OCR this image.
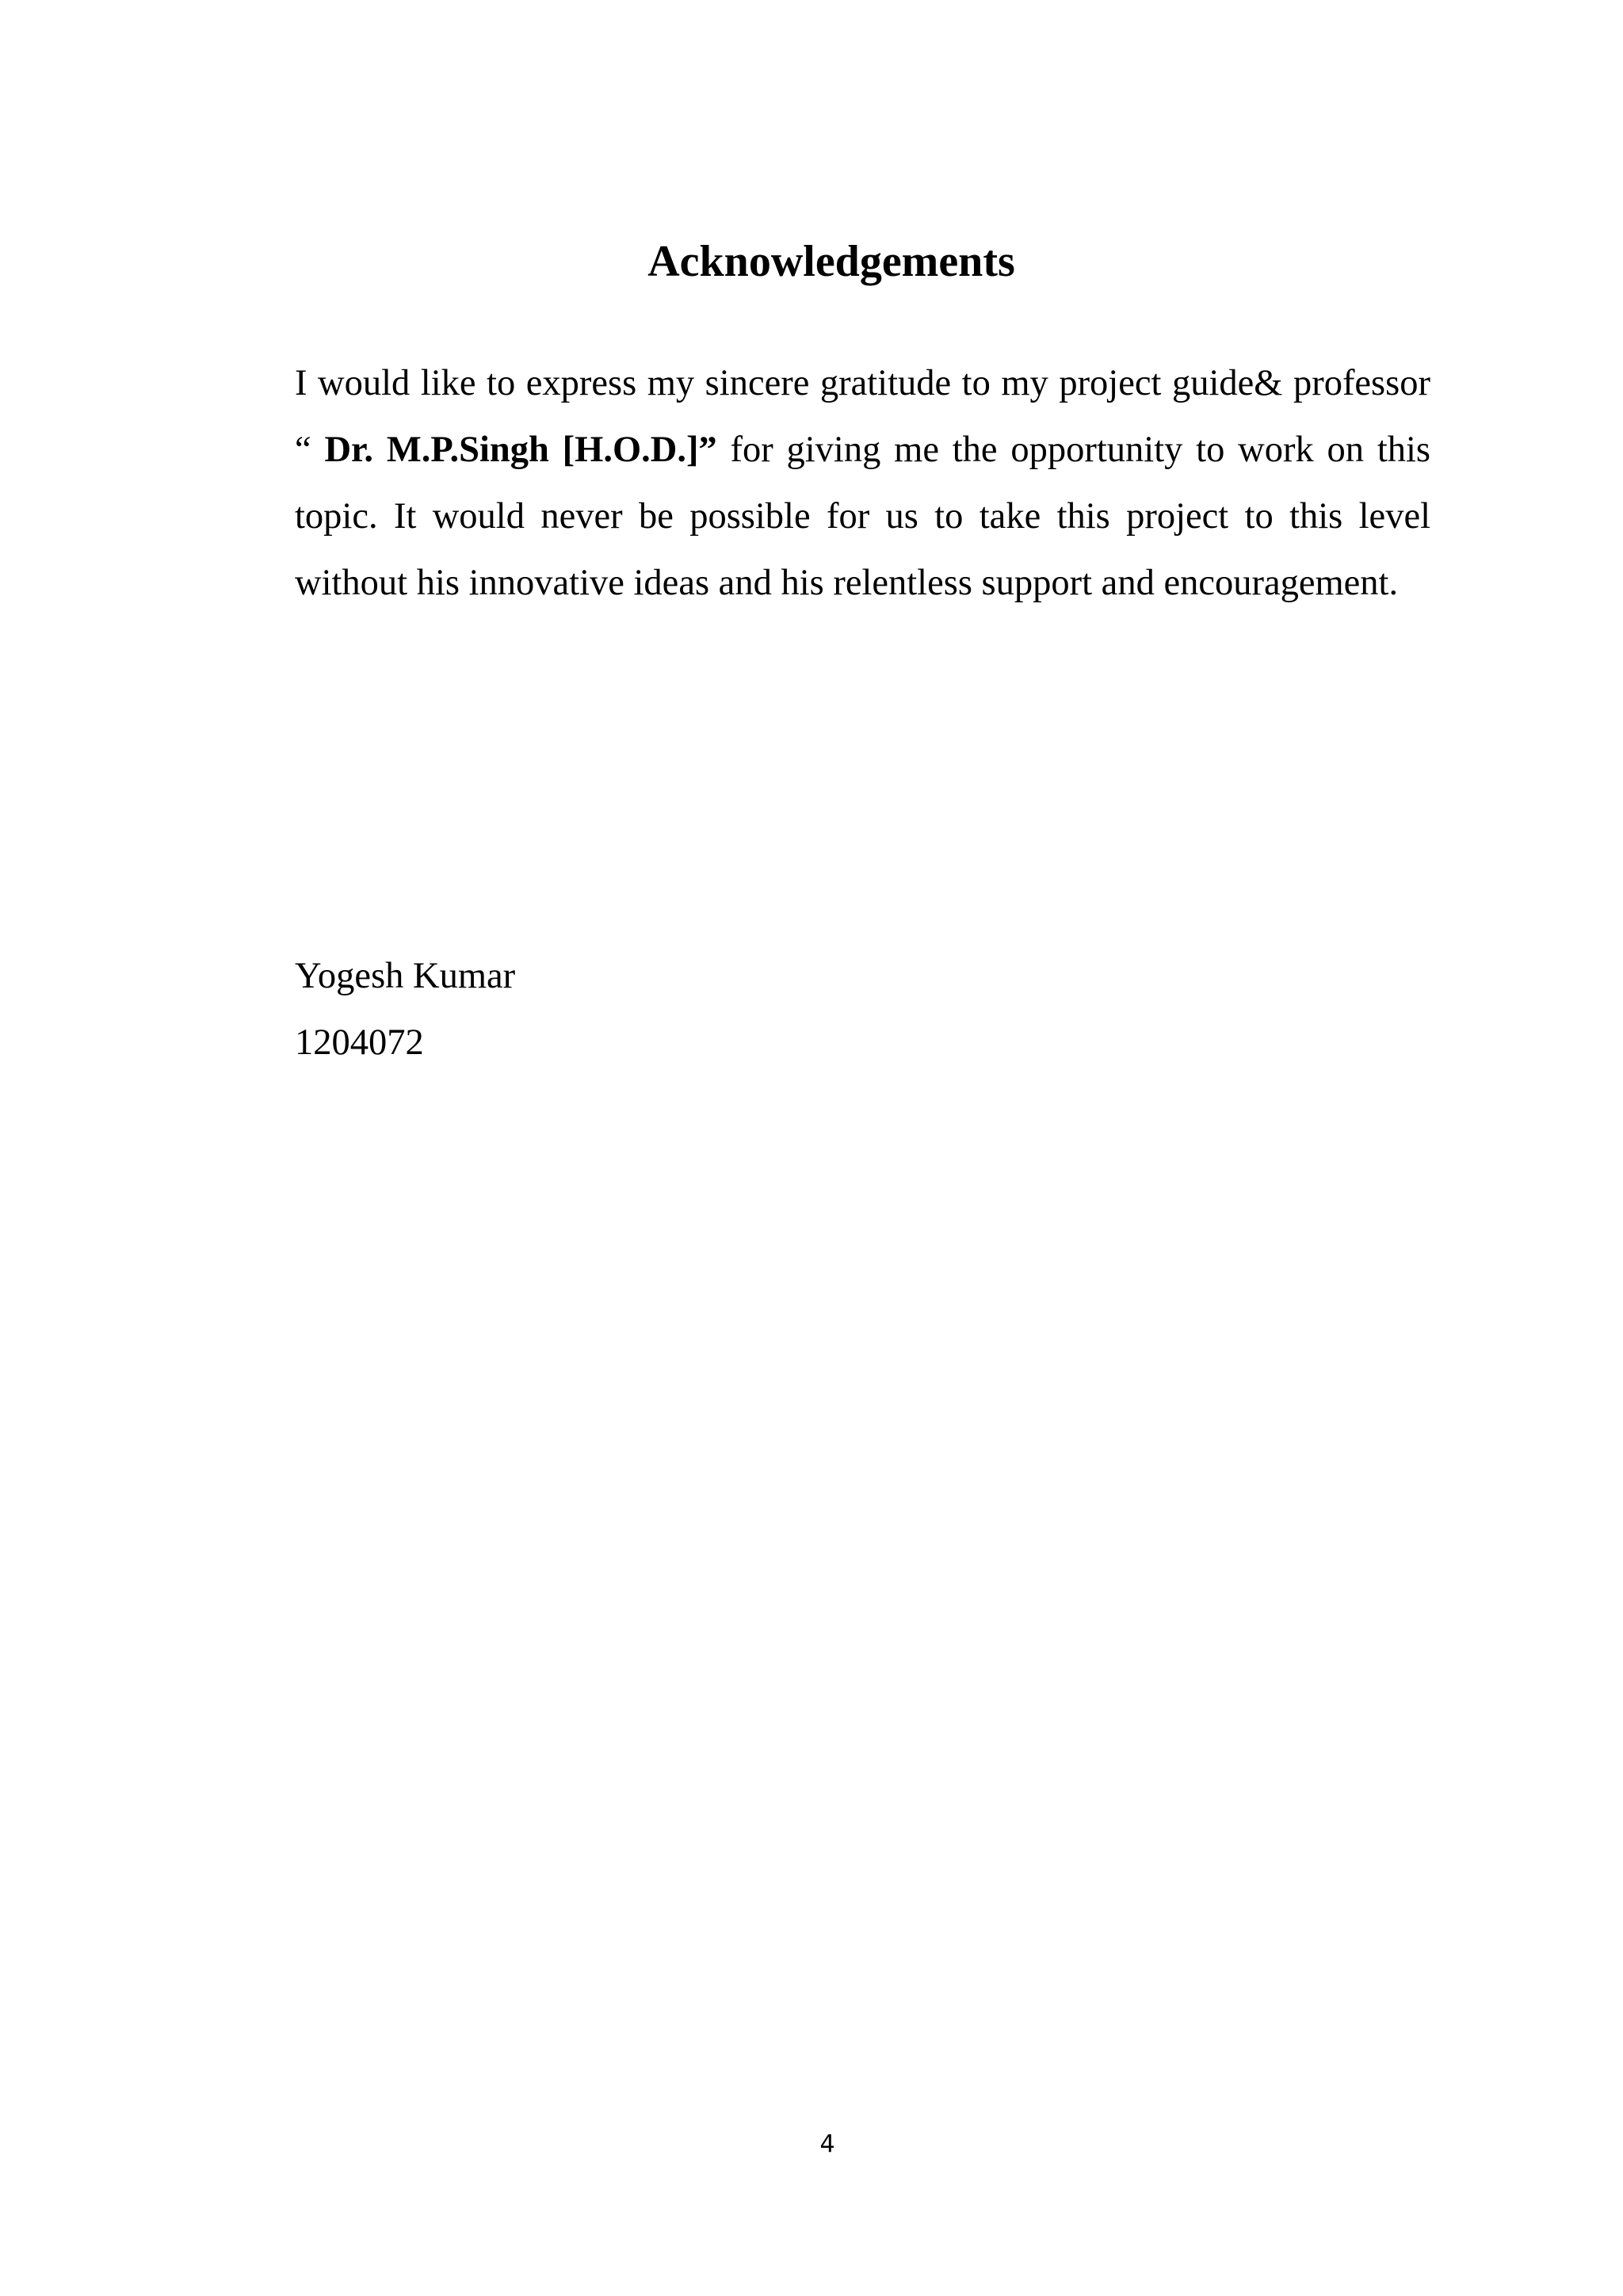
Acknowledgements

I would like to express my sincere gratitude to my project guide& professor “ Dr. M.P.Singh [H.O.D.]” for giving me the opportunity to work on this topic. It would never be possible for us to take this project to this level without his innovative ideas and his relentless support and encouragement.

Yogesh Kumar
1204072
4
